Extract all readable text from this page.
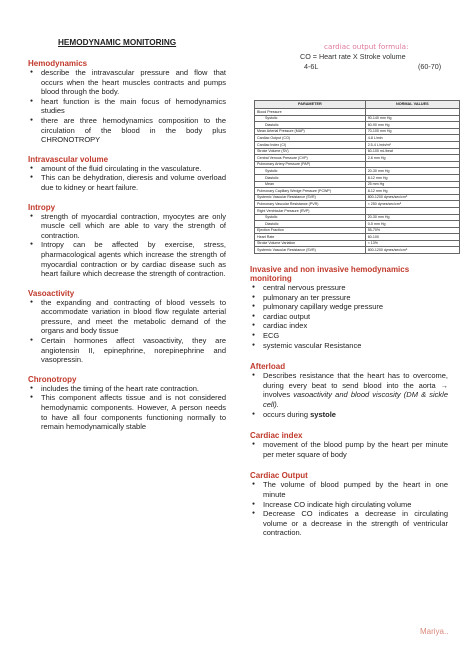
HEMODYNAMIC MONITORING

Hemodynamics

● describe the intravascular pressure and flow that occurs when the heart muscles contracts and pumps blood through the body.
● heart function is the main focus of hemodynamics studies
● there are three hemodynamics composition to the circulation of the blood in the body plus CHRONOTROPY

Intravascular volume

● amount of the fluid circulating in the vasculature.
● This can be dehydration, dieresis and volume overload due to kidney or heart failure.

Intropy

● strength of myocardial contraction, myocytes are only muscle cell which are able to vary the strength of contraction.
● Intropy can be affected by exercise, stress, pharmacological agents which increase the strength of myocardial contraction or by cardiac disease such as heart failure which decrease the strength of contraction.

Vasoactivity

● the expanding and contracting of blood vessels to accommodate variation in blood flow regulate arterial pressure, and meet the metabolic demand of the organs and body tissue
● Certain hormones affect vasoactivity, they are angiotensin II, epinephrine, norepinephrine and vasopressin.

Chronotropy

● includes the timing of the heart rate contraction.
● This component affects tissue and is not considered hemodynamic components. However, A person needs to have all four components functioning normally to remain hemodynamically stable
cardiac output formula:
CO = Heart rate X Stroke volume
4-6L	(60-70)
PARAMETER	NORMAL VALUES
Blood Pressure	

Systolic	90-140 mm Hg

Diastolic	60-90 mm Hg
Mean Arterial Pressure (MAP)	70-100 mm Hg
Cardiac Output (CO)	4-8 L/min
Cardiac Index (CI)	2.5-4 L/min/m²
Stroke Volume (SV)	60-100 mL/beat
Central Venous Pressure (CVP)	2-6 mm Hg
Pulmonary Artery Pressure (PAP)	

Systolic	20-30 mm Hg

Diastolic	8-12 mm Hg

Mean	25 mm Hg
Pulmonary Capillary Wedge Pressure (PCWP)	8-12 mm Hg
Systemic Vascular Resistance (SVR)	800-1200 dynes/sec/cm⁵
Pulmonary Vascular Resistance (PVR)	< 250 dynes/sec/cm⁵
Right Ventricular Pressure (RVP)	

Systolic	20-30 mm Hg

Diastolic	0-5 mm Hg
Ejection Fraction	55-70%
Heart Rate	60-100
Stroke Volume Variation	< 13%
Systemic Vascular Resistance (SVR)	800-1200 dynes/sec/cm⁵

Invasive and non invasive hemodynamics monitoring

● central nervous pressure
● pulmonary an ter pressure
● pulmonary capillary wedge pressure
● cardiac output
● cardiac index
● ECG
● systemic vascular Resistance

Afterload

● Describes resistance that the heart has to overcome, during every beat to send blood into the aorta → involves vasoactivity and blood viscosity (DM & sickle cell).
● occurs during systole

Cardiac index

● movement of the blood pump by the heart per minute per meter square of body

Cardiac Output

● The volume of blood pumped by the heart in one minute
● Increase CO indicate high circulating volume
● Decrease CO indicates a decrease in circulating volume or a decrease in the strength of ventricular contraction.
Mariya..
